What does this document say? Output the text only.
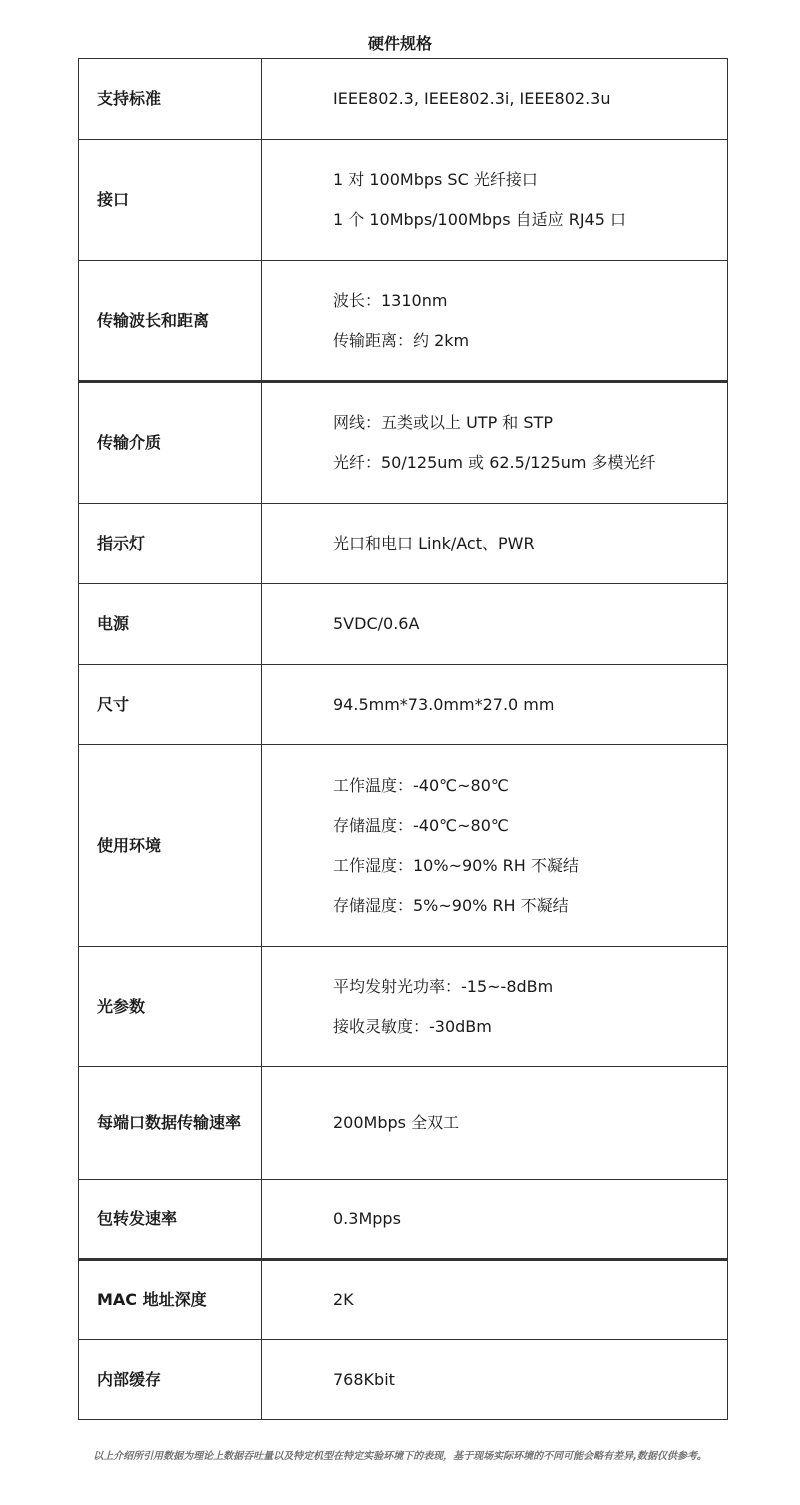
硬件规格
支持标准	IEEE802.3, IEEE802.3i, IEEE802.3u

接口	1 对 100Mbps SC 光纤接口
1 个 10Mbps/100Mbps 自适应 RJ45 口

传输波长和距离	波长：1310nm
传输距离：约 2km

传输介质	网线：五类或以上 UTP 和 STP
光纤：50/125um 或 62.5/125um 多模光纤

指示灯	光口和电口 Link/Act、PWR

电源	5VDC/0.6A

尺寸	94.5mm*73.0mm*27.0 mm

使用环境	工作温度：-40℃~80℃
存储温度：-40℃~80℃
工作湿度：10%~90% RH 不凝结
存储湿度：5%~90% RH 不凝结

光参数	平均发射光功率：-15~-8dBm
接收灵敏度：-30dBm

每端口数据传输速率	200Mbps 全双工

包转发速率	0.3Mpps

MAC 地址深度	2K

内部缓存	768Kbit
以上介绍所引用数据为理论上数据吞吐量以及特定机型在特定实验环境下的表现，基于现场实际环境的不同可能会略有差异,数据仅供参考。
